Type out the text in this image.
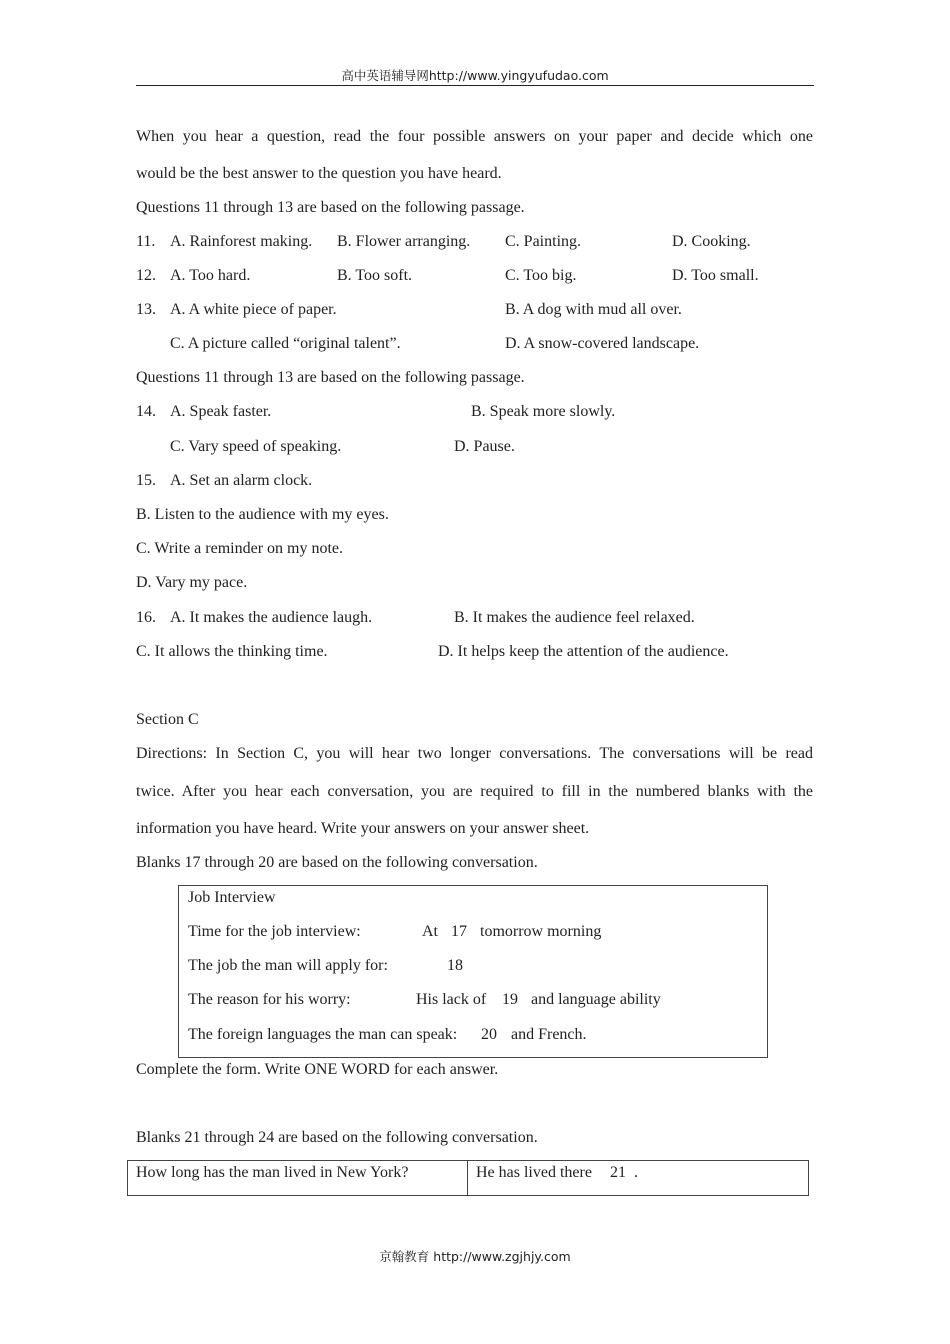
高中英语辅导网http://www.yingyufudao.com
When you hear a question, read the four possible answers on your paper and decide which one
would be the best answer to the question you have heard.
Questions 11 through 13 are based on the following passage.
11. A. Rainforest making. B. Flower arranging. C. Painting.	D. Cooking.
12. A. Too hard.	B. Too soft.	C. Too big.	D. Too small.
13. A. A white piece of paper.	B. A dog with mud all over.
C. A picture called “original talent”.	D. A snow-covered landscape.
Questions 11 through 13 are based on the following passage.
14. A. Speak faster.	B. Speak more slowly.
C. Vary speed of speaking.	D. Pause.
15. A. Set an alarm clock.
B. Listen to the audience with my eyes.
C. Write a reminder on my note.
D. Vary my pace.
16. A. It makes the audience laugh.	B. It makes the audience feel relaxed.
C. It allows the thinking time.	D. It helps keep the attention of the audience.
Section C
Directions: In Section C, you will hear two longer conversations. The conversations will be read
twice. After you hear each conversation, you are required to fill in the numbered blanks with the
information you have heard. Write your answers on your answer sheet.
Blanks 17 through 20 are based on the following conversation.
Job Interview
Time for the job interview:	At 17 tomorrow morning
The job the man will apply for:	18
The reason for his worry:	His lack of 19 and language ability
The foreign languages the man can speak: 20 and French.
Complete the form. Write ONE WORD for each answer.
Blanks 21 through 24 are based on the following conversation.
How long has the man lived in New York?	He has lived there 21 .
京翰教育 http://www.zgjhjy.com
